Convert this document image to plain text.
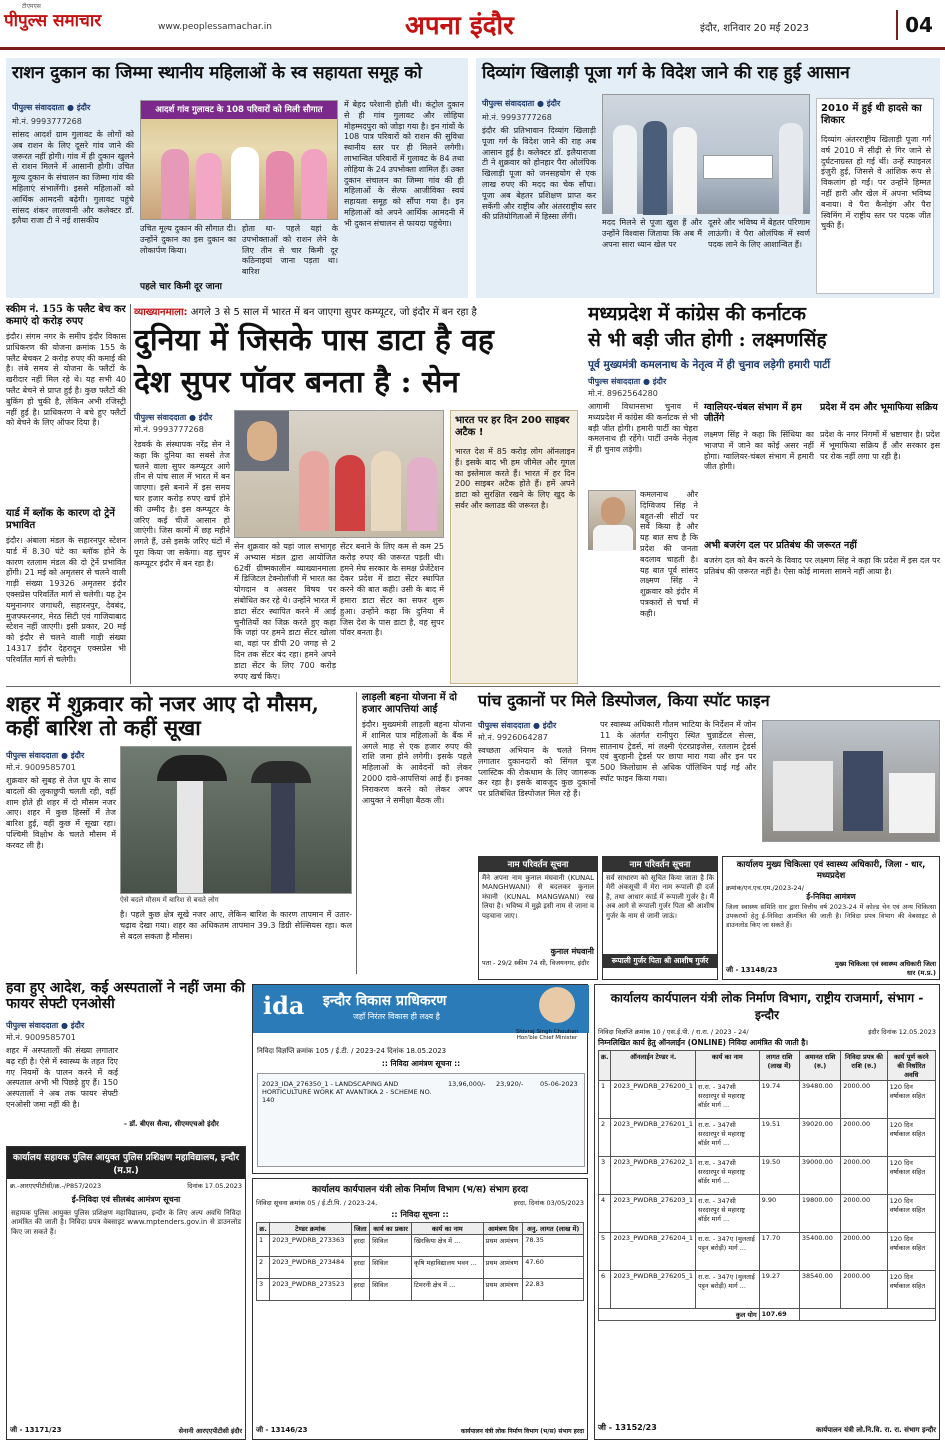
टीएमएस
पीपुल्स समाचार	www.peoplessamachar.in	अपना इंदौर	इंदौर, शनिवार 20 मई 2023	04
राशन दुकान का जिम्मा स्थानीय महिलाओं के स्व सहायता समूह को
पीपुल्स संवाददाता ● इंदौर
मो.नं. 9993777268
सांसद आदर्श ग्राम गुलावट के लोगों को अब राशन के लिए दूसरे गांव जाने की जरूरत नहीं होगी। गांव में ही दुकान खुलने से राशन मिलने में आसानी होगी। उचित मूल्य दुकान के संचालन का जिम्मा गांव की महिलाएं संभालेंगी। इससे महिलाओं को आर्थिक आमदनी बढ़ेगी। गुलावट पहुंचे सांसद शंकर लालवानी और कलेक्टर डॉ. इलैया राजा टी ने नई शासकीय
आदर्श गांव गुलावट के 108 परिवारों को मिली सौगात
उचित मूल्य दुकान की सौगात दी। उन्होंने दुकान का इस दुकान का लोकार्पण किया।
पहले चार किमी दूर जाना
होता था- पहले यहां के उपभोक्ताओं को राशन लेने के लिए तीन से चार किमी दूर कठिनाइयां जाना पड़ता था। बारिश
में बेहद परेशानी होती थी। कंट्रोल दुकान से ही गांव गुलावट और लोहिया मोहम्मदपुरा को जोड़ा गया है। इन गांवों के 108 पात्र परिवारों को राशन की सुविधा स्थानीय स्तर पर ही मिलने लगेगी। लाभान्वित परिवारों में गुलावट के 84 तथा लोहिया के 24 उपभोक्ता शामिल हैं। उक्त दुकान संचालन का जिम्मा गांव की ही महिलाओं के सेल्फ आजीविका स्वयं सहायता समूह को सौंपा गया है। इन महिलाओं को अपने आर्थिक आमदनी में भी दुकान संचालन से फायदा पहुंचेगा।
दिव्यांग खिलाड़ी पूजा गर्ग के विदेश जाने की राह हुई आसान
पीपुल्स संवाददाता ● इंदौर
मो.नं. 9993777268
इंदौर की प्रतिभावान दिव्यांग खिलाड़ी पूजा गर्ग के विदेश जाने की राह अब आसान हुई है। कलेक्टर डॉ. इलैयाराजा टी ने शुक्रवार को होनहार पैरा ओलंपिक खिलाड़ी पूजा को जनसहयोग से एक लाख रुपए की मदद का चेक सौंपा। पूजा अब बेहतर प्रशिक्षण प्राप्त कर सकेंगी और राष्ट्रीय और अंतरराष्ट्रीय स्तर की प्रतियोगिताओं में हिस्सा लेंगी।
मदद मिलने से पूजा खुश हैं और उन्होंने विश्वास जिताया कि अब मैं अपना सारा ध्यान खेल पर
दूसरे और भविष्य में बेहतर परिणाम लाऊंगी। वे पैरा ओलंपिक में स्वर्ण पदक लाने के लिए आशान्वित हैं।
2010 में हुई थी हादसे का शिकार
दिव्यांग अंतरराष्ट्रीय खिलाड़ी पूजा गर्ग वर्ष 2010 में सीढ़ी से गिर जाने से दुर्घटनाग्रस्त हो गई थीं। उन्हें स्पाइनल इंजुरी हुई, जिससे वे आंशिक रूप से विकलांग हो गईं। पर उन्होंने हिम्मत नहीं हारी और खेल में अपना भविष्य बनाया। वे पैरा कैनोइंग और पैरा स्विमिंग में राष्ट्रीय स्तर पर पदक जीत चुकी हैं।
स्कीम नं. 155 के फ्लैट बेच कर कमाएं दो करोड़ रुपए
इंदौर। संगम नगर के समीप इंदौर विकास प्राधिकरण की योजना क्रमांक 155 के फ्लैट बेचकर 2 करोड़ रुपए की कमाई की है। लंबे समय से योजना के फ्लैटों के खरीदार नहीं मिल रहे थे। यह सभी 40 फ्लैट बेचने से प्राप्त हुई है। कुछ फ्लैटों की बुकिंग हो चुकी है, लेकिन अभी रजिस्ट्री नहीं हुई है। प्राधिकरण ने बचे हुए फ्लैटों को बेचने के लिए ऑफर दिया है।
यार्ड में ब्लॉक के कारण दो ट्रेनें प्रभावित
इंदौर। अंबाला मंडल के सहारनपुर स्टेशन यार्ड में 8.30 घंटे का ब्लॉक होने के कारण रतलाम मंडल की दो ट्रेनें प्रभावित होंगी। 21 मई को अमृतसर से चलने वाली गाड़ी संख्या 19326 अमृतसर इंदौर एक्सप्रेस परिवर्तित मार्ग से चलेगी। यह ट्रेन यमुनानगर जगाधरी, सहारनपुर, देवबंद, मुजफ्फरनगर, मेरठ सिटी एवं गाजियाबाद स्टेशन नहीं जाएगी। इसी प्रकार, 20 मई को इंदौर से चलने वाली गाड़ी संख्या 14317 इंदौर देहरादून एक्सप्रेस भी परिवर्तित मार्ग से चलेगी।
व्याख्यानमाला: अगले 3 से 5 साल में भारत में बन जाएगा सुपर कम्प्यूटर, जो इंदौर में बन रहा है
दुनिया में जिसके पास डाटा है वह
देश सुपर पॉवर बनता है : सेन
पीपुल्स संवाददाता ● इंदौर
मो.नं. 9993777268
रेडवर्क के संस्थापक नरेंद्र सेन ने कहा कि दुनिया का सबसे तेज चलने वाला सुपर कम्प्यूटर आगे तीन से पांच साल में भारत में बन जाएगा। इसे बनाने में इस समय चार हजार करोड़ रुपए खर्च होने की उम्मीद है। इस कम्प्यूटर के जरिए कई चीजें आसान हो जाएंगी। जिस कामों में छह महीने लगते हैं, उसे इसके जरिए घंटों में पूरा किया जा सकेगा। वह सुपर कम्प्यूटर इंदौर में बन रहा है।
सेन शुक्रवार को यहां जाल सभागृह में अभ्यास मंडल द्वारा आयोजित 62वीं ग्रीष्मकालीन व्याख्यानमाला में डिजिटल टेक्नोलॉजी में भारत का योगदान व अवसर विषय पर संबोधित कर रहे थे। उन्होंने भारत में डाटा सेंटर स्थापित करने में आई चुनौतियों का जिक्र करते हुए कहा कि जहां पर हमने डाटा सेंटर खोला था, वहां पर डीपी 20 जगह से 2 दिन तक सेंटर बंद रहा। हमने अपने डाटा सेंटर के लिए 700 करोड़ रुपए खर्च किए।
सेंटर बनाने के लिए कम से कम 25 करोड़ रुपए की जरूरत पड़ती थी। हमने मेघ सरकार के समक्ष प्रेजेंटेशन देकर प्रदेश में डाटा सेंटर स्थापित करने की बात कही। उसी के बाद में हमारा डाटा सेंटर का सफर शुरू हुआ। उन्होंने कहा कि दुनिया में जिस देश के पास डाटा है, वह सुपर पॉवर बनता है।
भारत पर हर दिन 200 साइबर अटैक !
भारत देश में 85 करोड़ लोग ऑनलाइन हैं। इसके बाद भी हम जीमेल और गूगल का इस्तेमाल करते हैं। भारत में हर दिन 200 साइबर अटैक होते हैं। हमें अपने डाटा को सुरक्षित रखने के लिए खुद के सर्वर और क्लाउड की जरूरत है।
मध्यप्रदेश में कांग्रेस की कर्नाटक
से भी बड़ी जीत होगी : लक्ष्मणसिंह
पूर्व मुख्यमंत्री कमलनाथ के नेतृत्व में ही चुनाव लड़ेगी हमारी पार्टी
पीपुल्स संवाददाता ● इंदौर
मो.नं. 8962564280
आगामी विधानसभा चुनाव में मध्यप्रदेश में कांग्रेस की कर्नाटक से भी बड़ी जीत होगी। हमारी पार्टी का चेहरा कमलनाथ ही रहेंगे। पार्टी उनके नेतृत्व में ही चुनाव लड़ेगी।
कमलनाथ और दिग्विजय सिंह ने बहुत-सी सीटों पर सर्वे किया है और यह बात सच है कि प्रदेश की जनता बदलाव चाहती है। यह बात पूर्व सांसद लक्ष्मण सिंह ने शुक्रवार को इंदौर में पत्रकारों से चर्चा में कही।
ग्वालियर-चंबल संभाग में हम जीतेंगे
लक्ष्मण सिंह ने कहा कि सिंधिया का भाजपा में जाने का कोई असर नहीं होगा। ग्वालियर-चंबल संभाग में हमारी जीत होगी।
प्रदेश में दम और भूमाफिया सक्रिय
प्रदेश के नगर निगमों में भ्रष्टाचार है। प्रदेश में भूमाफिया सक्रिय हैं और सरकार इस पर रोक नहीं लगा पा रही है।
अभी बजरंग दल पर प्रतिबंध की जरूरत नहीं
बजरंग दल को बैन करने के विवाद पर लक्ष्मण सिंह ने कहा कि प्रदेश में इस दल पर प्रतिबंध की जरूरत नहीं है। ऐसा कोई मामला सामने नहीं आया है।
शहर में शुक्रवार को नजर आए दो मौसम, कहीं बारिश तो कहीं सूखा
पीपुल्स संवाददाता ● इंदौर
मो.नं. 9009585701
शुक्रवार को सुबह से तेज धूप के साथ बादलों की लुकाछुपी चलती रही, वहीं शाम होते ही शहर में दो मौसम नजर आए। शहर में कुछ हिस्सों में तेज बारिश हुई, वहीं कुछ में सूखा रहा। पश्चिमी विक्षोभ के चलते मौसम में करवट ली है।
ऐसे बदले मौसम में बारिश से बचते लोग
है। पहले कुछ क्षेत्र सूखे नजर आए, लेकिन बारिश के कारण तापमान में उतार-चढ़ाव देखा गया। शहर का अधिकतम तापमान 39.3 डिग्री सेल्सियस रहा। कल से बदल सकता है मौसम।
लाड़ली बहना योजना में दो हजार आपत्तियां आईं
इंदौर। मुख्यमंत्री लाड़ली बहना योजना में शामिल पात्र महिलाओं के बैंक में अगले माह से एक हजार रुपए की राशि जमा होने लगेगी। इसके पहले महिलाओं के आवेदनों को लेकर 2000 दावे-आपत्तियां आई हैं। इनका निराकरण करने को लेकर अपर आयुक्त ने समीक्षा बैठक ली।
पांच दुकानों पर मिले डिस्पोजल, किया स्पॉट फाइन
पीपुल्स संवाददाता ● इंदौर
मो.नं. 9926064287
स्वच्छता अभियान के चलते निगम लगातार दुकानदारों को सिंगल यूज प्लास्टिक की रोकथाम के लिए जागरूक कर रहा है। इसके बावजूद कुछ दुकानों पर प्रतिबंधित डिस्पोजल मिल रहे हैं।
पर स्वास्थ्य अधिकारी गौतम भाटिया के निर्देशन में जोन 11 के अंतर्गत रानीपुरा स्थित चुन्नाडेंटल सेल्स, सातनाथ ट्रेडर्स, मां लक्ष्मी एंटरप्राइजेस, रतलाम ट्रेडर्स एवं बुरहानी ट्रेडर्स पर छापा मारा गया और इन पर 500 किलोग्राम से अधिक पॉलिथिन पाई गई और स्पॉट फाइन किया गया।
नाम परिवर्तन सूचना
मैंने अपना नाम कुनाल मंघवानी (KUNAL MANGHWANI) से बदलकर कुनाल मंघानी (KUNAL MANGWANI) रख लिया है। भविष्य में मुझे इसी नाम से जाना व पहचाना जाए।
कुनाल मंघवानी
पता - 29/2 स्कीम 74 सी, विजयनगर, इंदौर
नाम परिवर्तन सूचना
सर्व साधारण को सूचित किया जाता है कि मेरी अंकसूची में मेरा नाम रूपाली ही दर्ज है, तथा आधार कार्ड में रूपाली गुर्जर है। मैं अब आगे से रूपाली गुर्जर पिता श्री आशीष गुर्जर के नाम से जानी जाऊं।
रूपाली गुर्जर पिता श्री आशीष गुर्जर
कार्यालय मुख्य चिकित्सा एवं स्वास्थ्य अधिकारी, जिला - धार, मध्यप्रदेश
क्रमांक/एन.एच.एम./2023-24/
ई-निविदा आमंत्रण
जिला स्वास्थ्य समिति धार द्वारा वित्तीय वर्ष 2023-24 में कोल्ड चेन एवं अन्य चिकित्सा उपकरणों हेतु ई-निविदा आमंत्रित की जाती है। निविदा प्रपत्र विभाग की वेबसाइट से डाउनलोड किए जा सकते हैं।
जी - 13148/23
मुख्य चिकित्सा एवं स्वास्थ्य अधिकारी जिला धार (म.प्र.)
हवा हुए आदेश, कई अस्पतालों ने नहीं जमा की फायर सेफ्टी एनओसी
पीपुल्स संवाददाता ● इंदौर
मो.नं. 9009585701
शहर में अस्पतालों की संख्या लगातार बढ़ रही है। ऐसे में स्वास्थ्य के तहत दिए गए नियमों के पालन करने में कई अस्पताल अभी भी पिछड़े हुए हैं। 150 अस्पतालों ने अब तक फायर सेफ्टी एनओसी जमा नहीं की है।
- डॉ. बीएस सैत्या, सीएमएचओ इंदौर
ida इन्दौर विकास प्राधिकरण
जहाँ निरंतर विकास ही लक्ष्य है
Shivraj Singh Chouhan
Hon'ble Chief Minister
निविदा विज्ञप्ति क्रमांक 105 / ई.टी. / 2023-24 दिनांक 18.05.2023
:: निविदा आमंत्रण सूचना ::
2023_IDA_276350_1 - LANDSCAPING AND HORTICULTURE WORK AT AVANTIKA 2 - SCHEME NO. 140
13,96,000/-	23,920/-	05-06-2023
कार्यालय कार्यपालन यंत्री लोक निर्माण विभाग (भ/स) संभाग हरदा
निविदा सूचना क्रमांक 05 / ई.टी.पि. / 2023-24,	हरदा, दिनांक 03/05/2023
:: निविदा सूचना ::
क्र.	टेण्डर क्रमांक	जिला	कार्य का प्रकार	कार्य का नाम	आमंत्रण दिन	अनु. लागत (लाख में)
1	2023_PWDRB_273363	हरदा	सिविल	खिरकिया क्षेत्र में ...	प्रथम आमंत्रण	78.35
2	2023_PWDRB_273484	हरदा	सिविल	कृषि महाविद्यालय भवन ...	प्रथम आमंत्रण	47.60
3	2023_PWDRB_273523	हरदा	सिविल	टिमरनी क्षेत्र में ...	प्रथम आमंत्रण	22.83
जी - 13146/23	कार्यपालन यंत्री लोक निर्माण विभाग (भ/स) संभाग हरदा
कार्यालय सहायक पुलिस आयुक्त पुलिस प्रशिक्षण महाविद्यालय, इन्दौर (म.प्र.)
क्र.-आरएएपीटीसी/क्र.-/P857/2023	दिनांक 17.05.2023
ई-निविदा एवं सीलबंद आमंत्रण सूचना
सहायक पुलिस आयुक्त पुलिस प्रशिक्षण महाविद्यालय, इन्दौर के लिए अल्प अवधि निविदा आमंत्रित की जाती है। निविदा प्रपत्र वेबसाइट www.mptenders.gov.in से डाउनलोड किए जा सकते हैं।
जी - 13171/23	सेनानी आरएएपीटीसी इंदौर
कार्यालय कार्यपालन यंत्री लोक निर्माण विभाग, राष्ट्रीय राजमार्ग, संभाग - इन्दौर
निविदा विज्ञप्ति क्रमांक 10 / एस.ई.पी. / रा.रा. / 2023 - 24/	इंदौर दिनांक 12.05.2023
निम्नलिखित कार्य हेतु ऑनलाईन (ONLINE) निविदा आमंत्रित की जाती है।
क्र.	ऑनलाईन टेण्डर नं.	कार्य का नाम	लागत राशि (लाख में)	अमानत राशि (रु.)	निविदा प्रपत्र की राशि (रु.)	कार्य पूर्ण करने की निर्धारित अवधि
1	2023_PWDRB_276200_1	रा.रा. - 347सी सरदारपुर से महाराष्ट्र बॉर्डर मार्ग ...	19.74	39480.00	2000.00	120 दिन वर्षाकाल सहित
2	2023_PWDRB_276201_1	रा.रा. - 347सी सरदारपुर से महाराष्ट्र बॉर्डर मार्ग ...	19.51	39020.00	2000.00	120 दिन वर्षाकाल सहित
3	2023_PWDRB_276202_1	रा.रा. - 347सी सरदारपुर से महाराष्ट्र बॉर्डर मार्ग ...	19.50	39000.00	2000.00	120 दिन वर्षाकाल सहित
4	2023_PWDRB_276203_1	रा.रा. - 347सी सरदारपुर से महाराष्ट्र बॉर्डर मार्ग ...	9.90	19800.00	2000.00	120 दिन वर्षाकाल सहित
5	2023_PWDRB_276204_1	रा.रा. - 347ए (मुलताई पट्टन बरोड़ी) मार्ग ...	17.70	35400.00	2000.00	120 दिन वर्षाकाल सहित
6	2023_PWDRB_276205_1	रा.रा. - 347ए (मुलताई पट्टन बरोड़ी) मार्ग ...	19.27	38540.00	2000.00	120 दिन वर्षाकाल सहित
कुल योग			107.69			
जी - 13152/23	कार्यपालन यंत्री लो.नि.वि. रा. रा. संभाग इन्दौर
